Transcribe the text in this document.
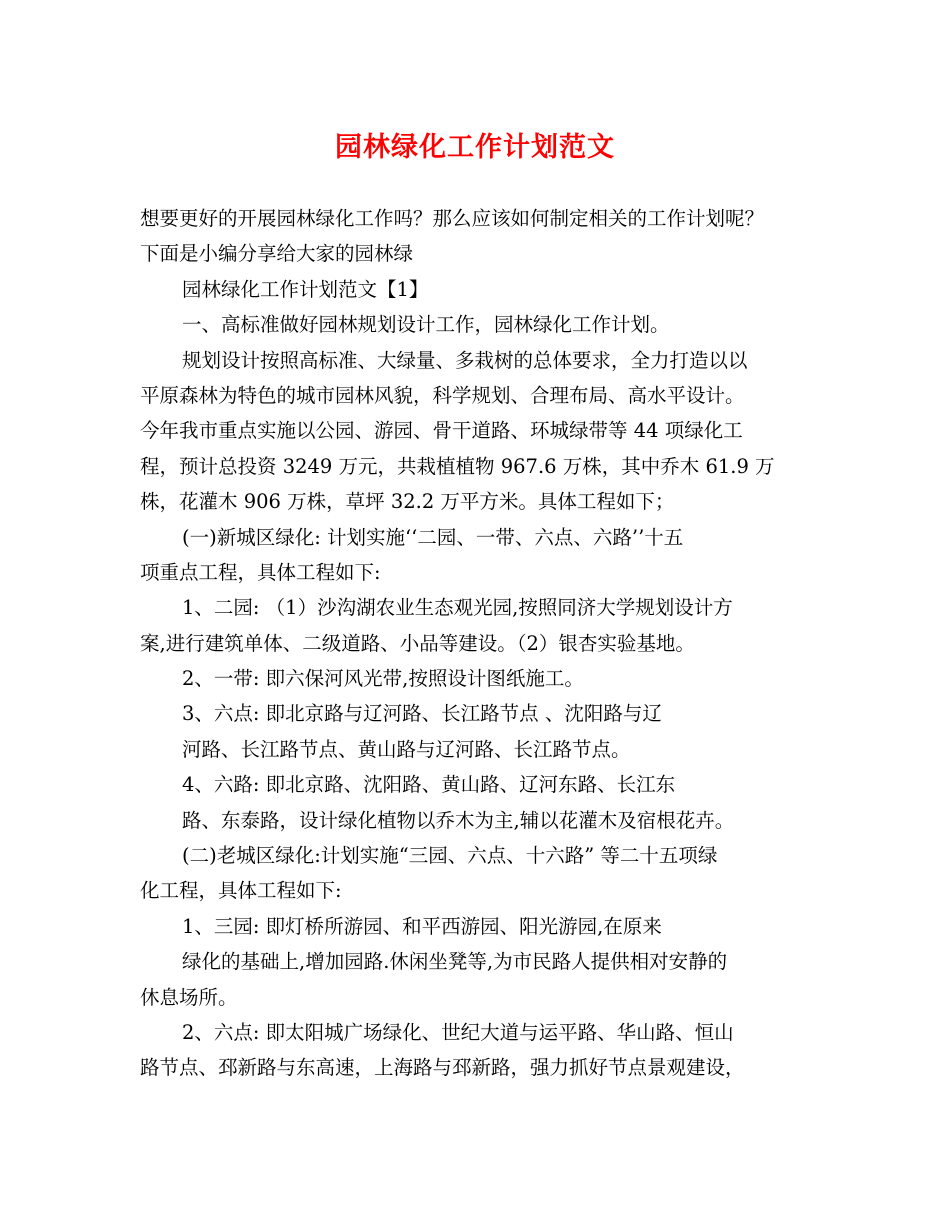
园林绿化工作计划范文
想要更好的开展园林绿化工作吗？那么应该如何制定相关的工作计划呢？
下面是小编分享给大家的园林绿
园林绿化工作计划范文【1】
一、高标准做好园林规划设计工作，园林绿化工作计划。
规划设计按照高标准、大绿量、多栽树的总体要求，全力打造以以
平原森林为特色的城市园林风貌，科学规划、合理布局、高水平设计。
今年我市重点实施以公园、游园、骨干道路、环城绿带等 44 项绿化工
程，预计总投资 3249 万元，共栽植植物 967.6 万株，其中乔木 61.9 万
株，花灌木 906 万株，草坪 32.2 万平方米。具体工程如下；
(一)新城区绿化: 计划实施‘‘二园、一带、六点、六路’’十五
项重点工程，具体工程如下:
1、二园: （1）沙沟湖农业生态观光园,按照同济大学规划设计方
案,进行建筑单体、二级道路、小品等建设。（2）银杏实验基地。
2、一带: 即六保河风光带,按照设计图纸施工。
3、六点: 即北京路与辽河路、长江路节点 、沈阳路与辽
河路、长江路节点、黄山路与辽河路、长江路节点。
4、六路: 即北京路、沈阳路、黄山路、辽河东路、长江东
路、东泰路，设计绿化植物以乔木为主,辅以花灌木及宿根花卉。
(二)老城区绿化:计划实施“三园、六点、十六路” 等二十五项绿
化工程，具体工程如下:
1、三园: 即灯桥所游园、和平西游园、阳光游园,在原来
绿化的基础上,增加园路.休闲坐凳等,为市民路人提供相对安静的
休息场所。
2、六点: 即太阳城广场绿化、世纪大道与运平路、华山路、恒山
路节点、邳新路与东高速，上海路与邳新路，强力抓好节点景观建设，
